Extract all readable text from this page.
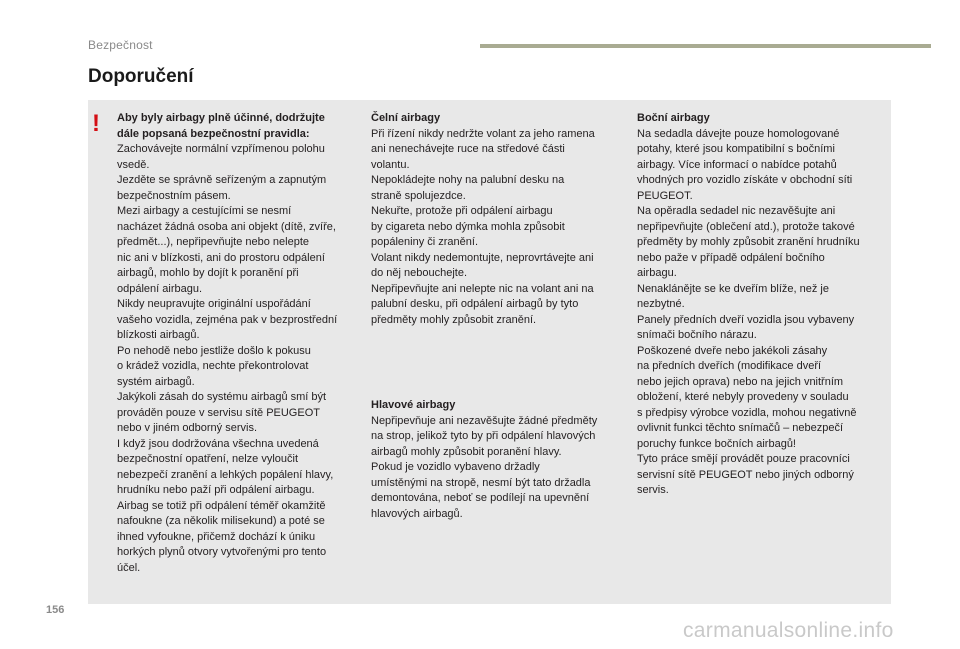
Bezpečnost
Doporučení
! Aby byly airbagy plně účinné, dodržujte
dále popsaná bezpečnostní pravidla:
Zachovávejte normální vzpřímenou polohu
vsedě.
Jezděte se správně seřízeným a zapnutým
bezpečnostním pásem.
Mezi airbagy a cestujícími se nesmí
nacházet žádná osoba ani objekt (dítě, zvíře,
předmět...), nepřipevňujte nebo nelepte
nic ani v blízkosti, ani do prostoru odpálení
airbagů, mohlo by dojít k poranění při
odpálení airbagu.
Nikdy neupravujte originální uspořádání
vašeho vozidla, zejména pak v bezprostřední
blízkosti airbagů.
Po nehodě nebo jestliže došlo k pokusu
o krádež vozidla, nechte překontrolovat
systém airbagů.
Jakýkoli zásah do systému airbagů smí být
prováděn pouze v servisu sítě PEUGEOT
nebo v jiném odborný servis.
I když jsou dodržována všechna uvedená
bezpečnostní opatření, nelze vyloučit
nebezpečí zranění a lehkých popálení hlavy,
hrudníku nebo paží při odpálení airbagu.
Airbag se totiž při odpálení téměř okamžitě
nafoukne (za několik milisekund) a poté se
ihned vyfoukne, přičemž dochází k úniku
horkých plynů otvory vytvořenými pro tento
účel.
Čelní airbagy
Při řízení nikdy nedržte volant za jeho ramena
ani nenechávejte ruce na středové části
volantu.
Nepokládejte nohy na palubní desku na
straně spolujezdce.
Nekuřte, protože při odpálení airbagu
by cigareta nebo dýmka mohla způsobit
popáleniny či zranění.
Volant nikdy nedemontujte, neprovrtávejte ani
do něj nebouchejte.
Nepřipevňujte ani nelepte nic na volant ani na
palubní desku, při odpálení airbagů by tyto
předměty mohly způsobit zranění.
Hlavové airbagy
Nepřipevňuje ani nezavěšujte žádné předměty
na strop, jelikož tyto by při odpálení hlavových
airbagů mohly způsobit poranění hlavy.
Pokud je vozidlo vybaveno držadly
umístěnými na stropě, nesmí být tato držadla
demontována, neboť se podílejí na upevnění
hlavových airbagů.
Boční airbagy
Na sedadla dávejte pouze homologované
potahy, které jsou kompatibilní s bočními
airbagy. Více informací o nabídce potahů
vhodných pro vozidlo získáte v obchodní síti
PEUGEOT.
Na opěradla sedadel nic nezavěšujte ani
nepřipevňujte (oblečení atd.), protože takové
předměty by mohly způsobit zranění hrudníku
nebo paže v případě odpálení bočního
airbagu.
Nenaklánějte se ke dveřím blíže, než je
nezbytné.
Panely předních dveří vozidla jsou vybaveny
snímači bočního nárazu.
Poškozené dveře nebo jakékoli zásahy
na předních dveřích (modifikace dveří
nebo jejich oprava) nebo na jejich vnitřním
obložení, které nebyly provedeny v souladu
s předpisy výrobce vozidla, mohou negativně
ovlivnit funkci těchto snímačů – nebezpečí
poruchy funkce bočních airbagů!
Tyto práce smějí provádět pouze pracovníci
servisní sítě PEUGEOT nebo jiných odborný
servis.
156
carmanualsonline.info
